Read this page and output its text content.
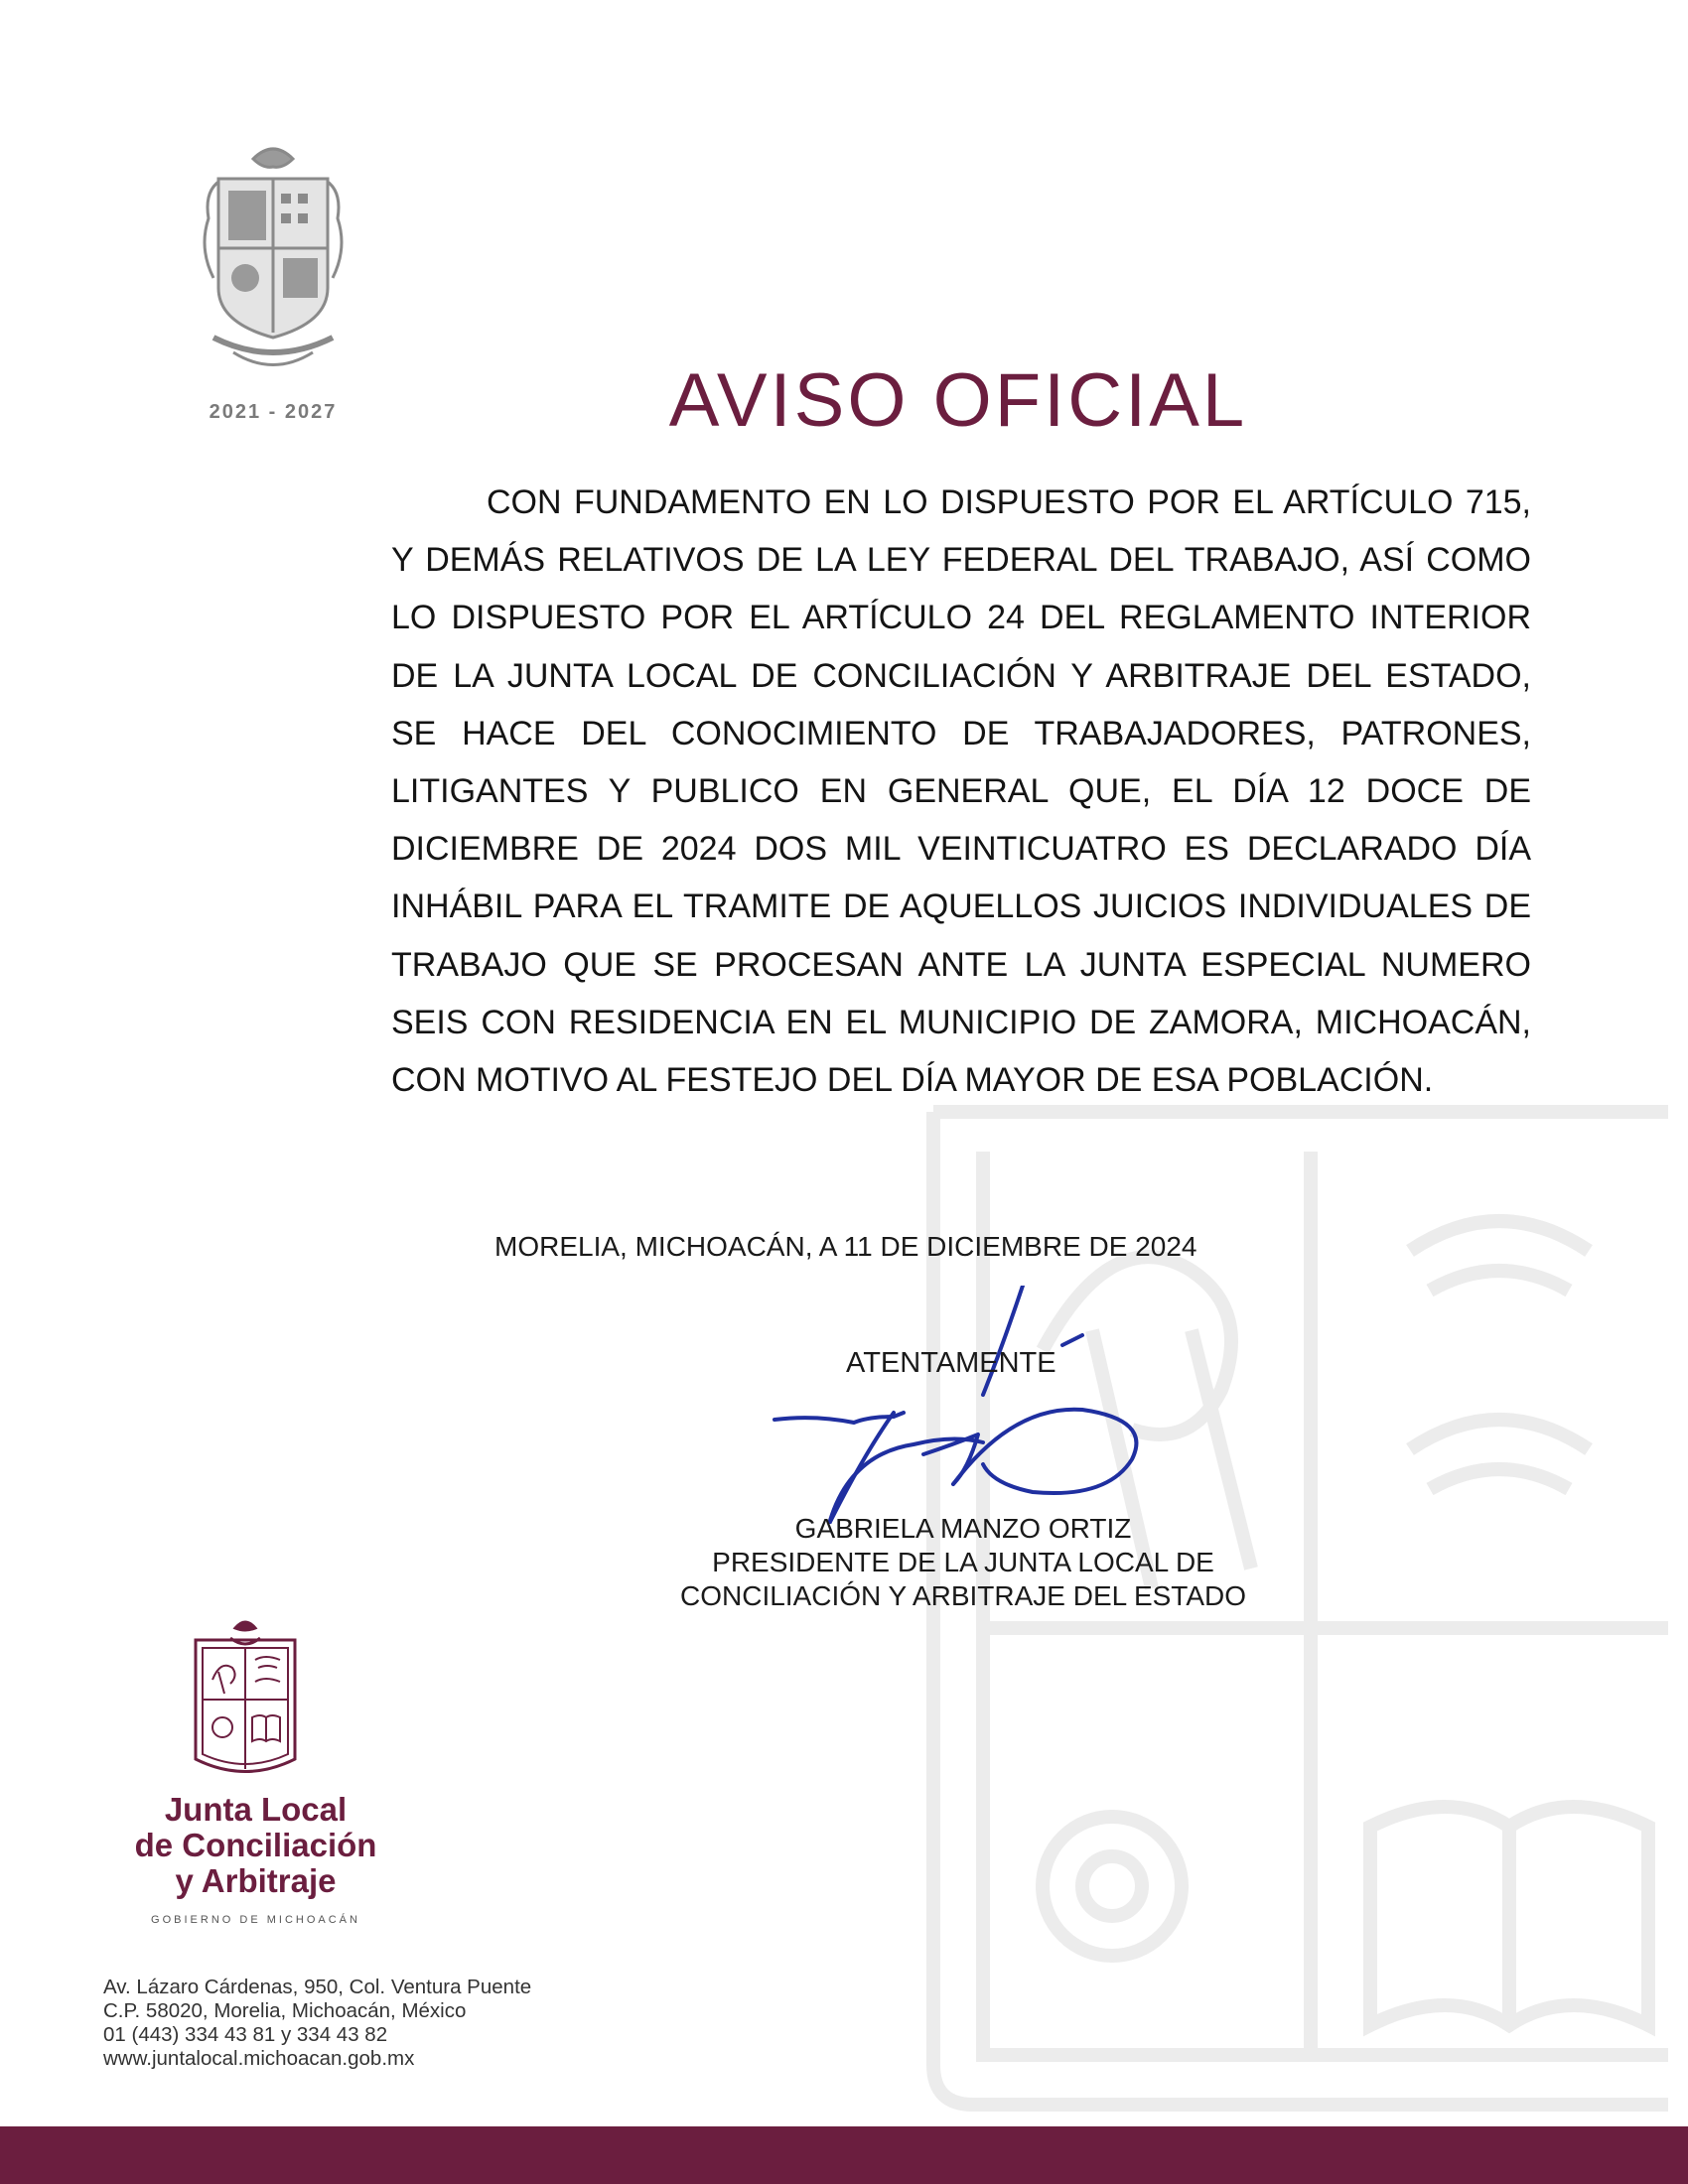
2021 - 2027	AVISO OFICIAL

CON FUNDAMENTO EN LO DISPUESTO POR EL ARTÍCULO 715, Y DEMÁS RELATIVOS DE LA LEY FEDERAL DEL TRABAJO, ASÍ COMO LO DISPUESTO POR EL ARTÍCULO 24 DEL REGLAMENTO INTERIOR DE LA JUNTA LOCAL DE CONCILIACIÓN Y ARBITRAJE DEL ESTADO, SE HACE DEL CONOCIMIENTO DE TRABAJADORES, PATRONES, LITIGANTES Y PUBLICO EN GENERAL QUE, EL DÍA 12 DOCE DE DICIEMBRE DE 2024 DOS MIL VEINTICUATRO ES DECLARADO DÍA INHÁBIL PARA EL TRAMITE DE AQUELLOS JUICIOS INDIVIDUALES DE TRABAJO QUE SE PROCESAN ANTE LA JUNTA ESPECIAL NUMERO SEIS CON RESIDENCIA EN EL MUNICIPIO DE ZAMORA, MICHOACÁN, CON MOTIVO AL FESTEJO DEL DÍA MAYOR DE ESA POBLACIÓN.

MORELIA, MICHOACÁN, A 11 DE DICIEMBRE DE 2024
ATENTAMENTE
GABRIELA MANZO ORTIZ
PRESIDENTE DE LA JUNTA LOCAL DE
CONCILIACIÓN Y ARBITRAJE DEL ESTADO
Junta Local
de Conciliación
y Arbitraje
GOBIERNO DE MICHOACÁN
Av. Lázaro Cárdenas, 950, Col. Ventura Puente
C.P. 58020, Morelia, Michoacán, México
01 (443) 334 43 81 y 334 43 82
www.juntalocal.michoacan.gob.mx
